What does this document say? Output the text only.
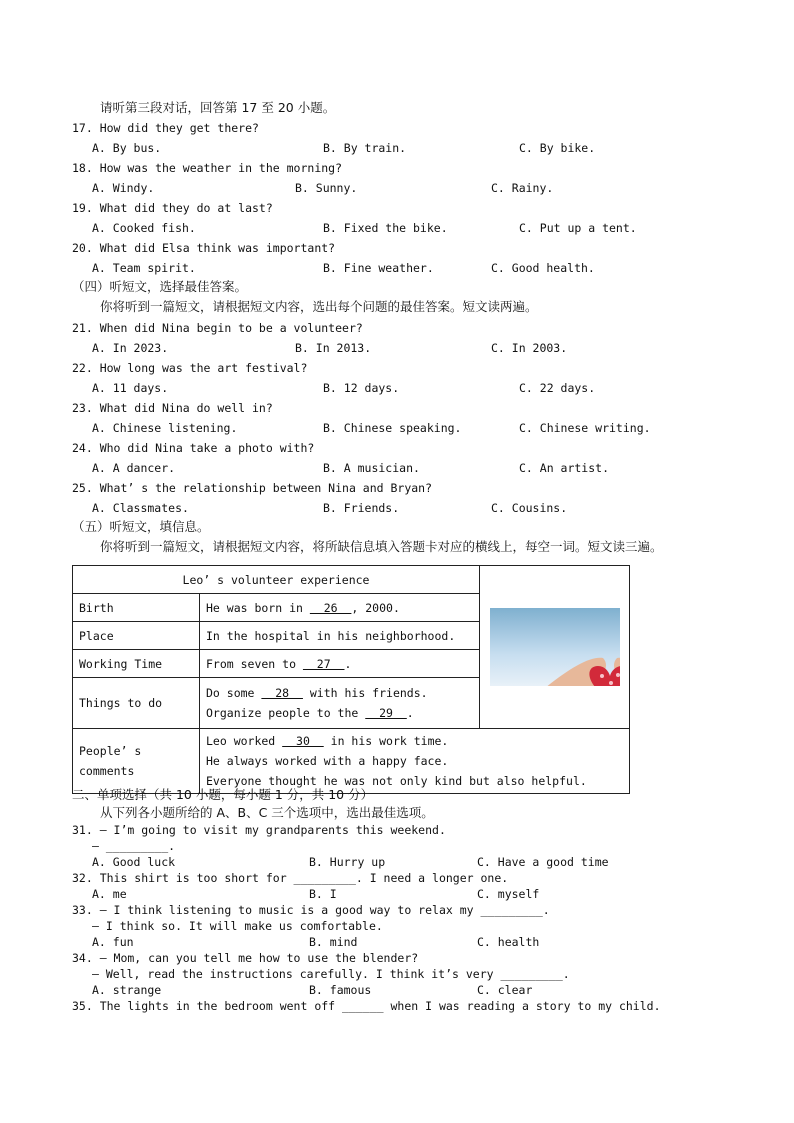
请听第三段对话，回答第 17 至 20 小题。
17. How did they get there?
A. By bus.	B. By train.	C. By bike.
18. How was the weather in the morning?
A. Windy.	B. Sunny.	C. Rainy.
19. What did they do at last?
A. Cooked fish.	B. Fixed the bike.	C. Put up a tent.
20. What did Elsa think was important?
A. Team spirit.	B. Fine weather.	C. Good health.
（四）听短文，选择最佳答案。
你将听到一篇短文，请根据短文内容，选出每个问题的最佳答案。短文读两遍。
21. When did Nina begin to be a volunteer?
A. In 2023.	B. In 2013.	C. In 2003.
22. How long was the art festival?
A. 11 days.	B. 12 days.	C. 22 days.
23. What did Nina do well in?
A. Chinese listening.	B. Chinese speaking.	C. Chinese writing.
24. Who did Nina take a photo with?
A. A dancer.	B. A musician.	C. An artist.
25. What’ s the relationship between Nina and Bryan?
A. Classmates.	B. Friends.	C. Cousins.
（五）听短文，填信息。
你将听到一篇短文，请根据短文内容，将所缺信息填入答题卡对应的横线上，每空一词。短文读三遍。
Leo’ s volunteer experience	

Birth	He was born in   26  , 2000.	
Place	In the hospital in his neighborhood.	
Working Time	From seven to   27  .	
Things to do	Do some   28   with his friends.
Organize people to the   29  .	
People’ s
comments	Leo worked   30   in his work time.
He always worked with a happy face.
Everyone thought he was not only kind but also helpful.	
二、单项选择（共 10 小题，每小题 1 分，共 10 分）
从下列各小题所给的 A、B、C 三个选项中，选出最佳选项。
31. — I’m going to visit my grandparents this weekend.
— _________.
A. Good luck	B. Hurry up	C. Have a good time
32. This shirt is too short for _________. I need a longer one.
A. me	B. I	C. myself
33. — I think listening to music is a good way to relax my _________.
— I think so. It will make us comfortable.
A. fun	B. mind	C. health
34. — Mom, can you tell me how to use the blender?
— Well, read the instructions carefully. I think it’s very _________.
A. strange	B. famous	C. clear
35. The lights in the bedroom went off ______ when I was reading a story to my child.
